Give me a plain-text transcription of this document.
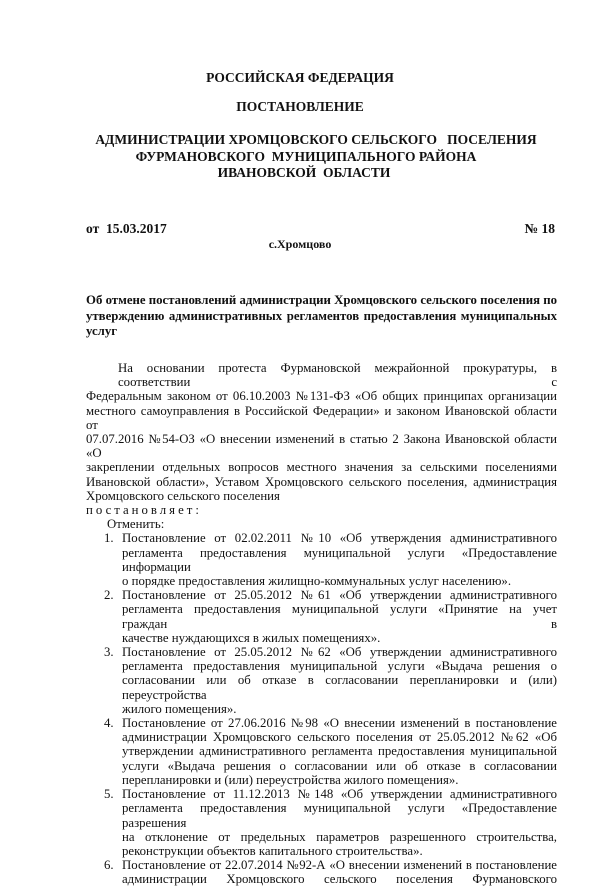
РОССИЙСКАЯ ФЕДЕРАЦИЯ
ПОСТАНОВЛЕНИЕ
АДМИНИСТРАЦИИ ХРОМЦОВСКОГО СЕЛЬСКОГО   ПОСЕЛЕНИЯ
ФУРМАНОВСКОГО  МУНИЦИПАЛЬНОГО РАЙОНА
ИВАНОВСКОЙ  ОБЛАСТИ
от  15.03.2017	№ 18
с.Хромцово
Об отмене постановлений администрации Хромцовского сельского поселения по
утверждению административных регламентов предоставления муниципальных
услуг
На основании протеста Фурмановской межрайонной прокуратуры, в соответствии с
Федеральным законом от 06.10.2003 №131-ФЗ «Об общих принципах организации
местного самоуправления в Российской Федерации» и законом Ивановской области от
07.07.2016 №54-ОЗ «О внесении изменений в статью 2 Закона Ивановской области «О
закреплении отдельных вопросов местного значения за сельскими поселениями
Ивановской области», Уставом Хромцовского сельского поселения, администрация
Хромцовского сельского поселения
постановляет:
Отменить:
1. Постановление от 02.02.2011 №10 «Об утверждения административного
регламента предоставления муниципальной услуги «Предоставление информации
о порядке предоставления жилищно-коммунальных услуг населению».
2. Постановление от 25.05.2012 №61 «Об утверждении административного
регламента предоставления муниципальной услуги «Принятие на учет граждан в
качестве нуждающихся в жилых помещениях».
3. Постановление от 25.05.2012 №62 «Об утверждении административного
регламента предоставления муниципальной услуги «Выдача решения о
согласовании или об отказе в согласовании перепланировки и (или) переустройства
жилого помещения».
4. Постановление от 27.06.2016 №98 «О внесении изменений в постановление
администрации Хромцовского сельского поселения от 25.05.2012 №62 «Об
утверждении административного регламента предоставления муниципальной
услуги «Выдача решения о согласовании или об отказе в согласовании
перепланировки и (или) переустройства жилого помещения».
5. Постановление от 11.12.2013 №148 «Об утверждении административного
регламента предоставления муниципальной услуги «Предоставление разрешения
на отклонение от предельных параметров разрешенного строительства,
реконструкции объектов капитального строительства».
6. Постановление от 22.07.2014 №92-А «О внесении изменений в постановление
администрации Хромцовского сельского поселения Фурмановского
